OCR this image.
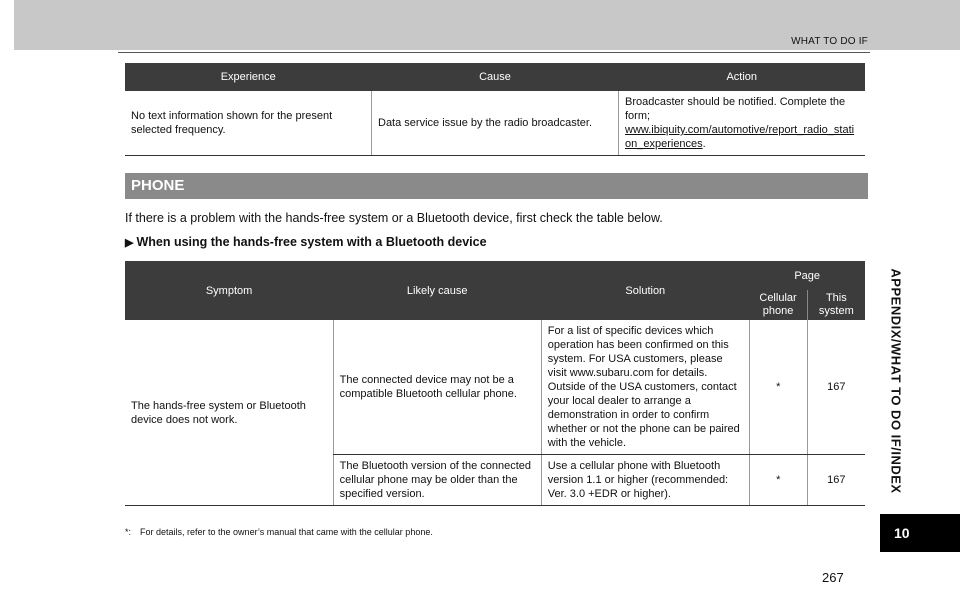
WHAT TO DO IF
Experience	Cause	Action
No text information shown for the present selected frequency.	Data service issue by the radio broadcaster.	Broadcaster should be notified. Complete the form;
www.ibiquity.com/automotive/report_radio_station_experiences.
PHONE
If there is a problem with the hands-free system or a Bluetooth device, first check the table below.
▶ When using the hands-free system with a Bluetooth device
Symptom	Likely cause	Solution	Page	
			Cellular phone	This system
The hands-free system or Bluetooth device does not work.	The connected device may not be a compatible Bluetooth cellular phone.	For a list of specific devices which operation has been confirmed on this system. For USA customers, please visit www.subaru.com for details. Outside of the USA customers, contact your local dealer to arrange a demonstration in order to confirm whether or not the phone can be paired with the vehicle.	*	167
	The Bluetooth version of the connected cellular phone may be older than the specified version.	Use a cellular phone with Bluetooth version 1.1 or higher (recommended: Ver. 3.0 +EDR or higher).	*	167
*: For details, refer to the owner’s manual that came with the cellular phone.
267
APPENDIX/WHAT TO DO IF/INDEX
10
